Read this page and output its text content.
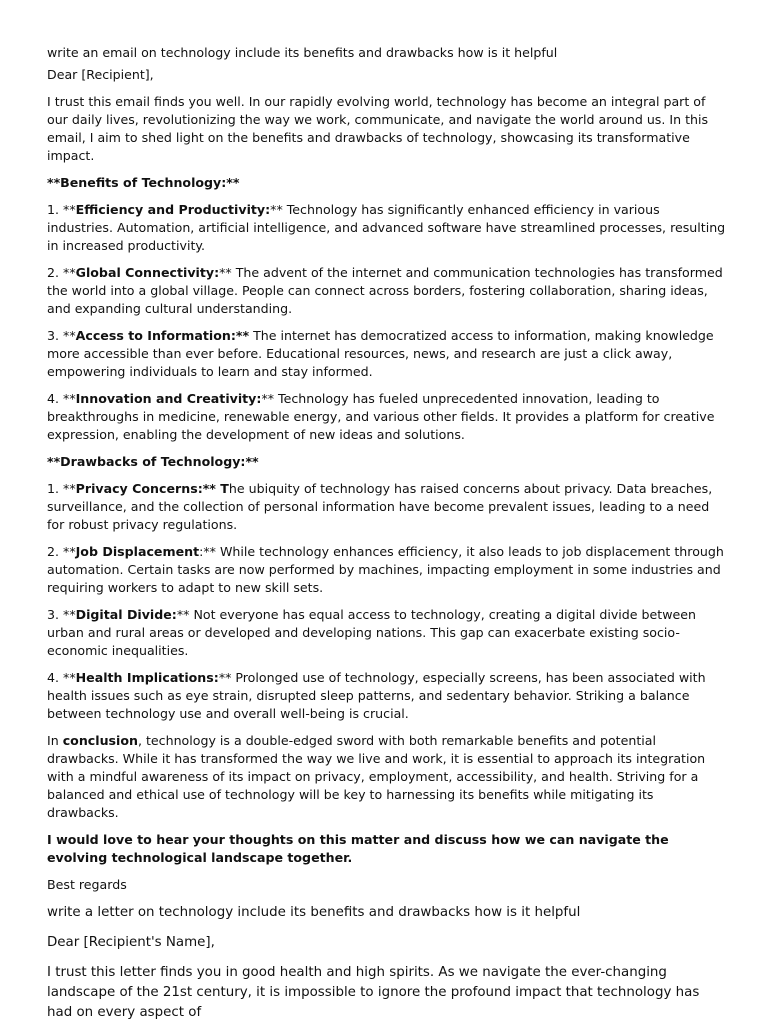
write an email on technology include its benefits and drawbacks how is it helpful

Dear [Recipient],

I trust this email finds you well. In our rapidly evolving world, technology has become an integral part of our daily lives, revolutionizing the way we work, communicate, and navigate the world around us. In this email, I aim to shed light on the benefits and drawbacks of technology, showcasing its transformative impact.

**Benefits of Technology:**

1. **Efficiency and Productivity:** Technology has significantly enhanced efficiency in various industries. Automation, artificial intelligence, and advanced software have streamlined processes, resulting in increased productivity.

2. **Global Connectivity:** The advent of the internet and communication technologies has transformed the world into a global village. People can connect across borders, fostering collaboration, sharing ideas, and expanding cultural understanding.

3. **Access to Information:** The internet has democratized access to information, making knowledge more accessible than ever before. Educational resources, news, and research are just a click away, empowering individuals to learn and stay informed.

4. **Innovation and Creativity:** Technology has fueled unprecedented innovation, leading to breakthroughs in medicine, renewable energy, and various other fields. It provides a platform for creative expression, enabling the development of new ideas and solutions.

**Drawbacks of Technology:**

1. **Privacy Concerns:** The ubiquity of technology has raised concerns about privacy. Data breaches, surveillance, and the collection of personal information have become prevalent issues, leading to a need for robust privacy regulations.

2. **Job Displacement:** While technology enhances efficiency, it also leads to job displacement through automation. Certain tasks are now performed by machines, impacting employment in some industries and requiring workers to adapt to new skill sets.

3. **Digital Divide:** Not everyone has equal access to technology, creating a digital divide between urban and rural areas or developed and developing nations. This gap can exacerbate existing socio-economic inequalities.

4. **Health Implications:** Prolonged use of technology, especially screens, has been associated with health issues such as eye strain, disrupted sleep patterns, and sedentary behavior. Striking a balance between technology use and overall well-being is crucial.

In conclusion, technology is a double-edged sword with both remarkable benefits and potential drawbacks. While it has transformed the way we live and work, it is essential to approach its integration with a mindful awareness of its impact on privacy, employment, accessibility, and health. Striving for a balanced and ethical use of technology will be key to harnessing its benefits while mitigating its drawbacks.

I would love to hear your thoughts on this matter and discuss how we can navigate the evolving technological landscape together.

Best regards

write a letter on technology include its benefits and drawbacks how is it helpful

Dear [Recipient's Name],

I trust this letter finds you in good health and high spirits. As we navigate the ever-changing landscape of the 21st century, it is impossible to ignore the profound impact that technology has had on every aspect of
